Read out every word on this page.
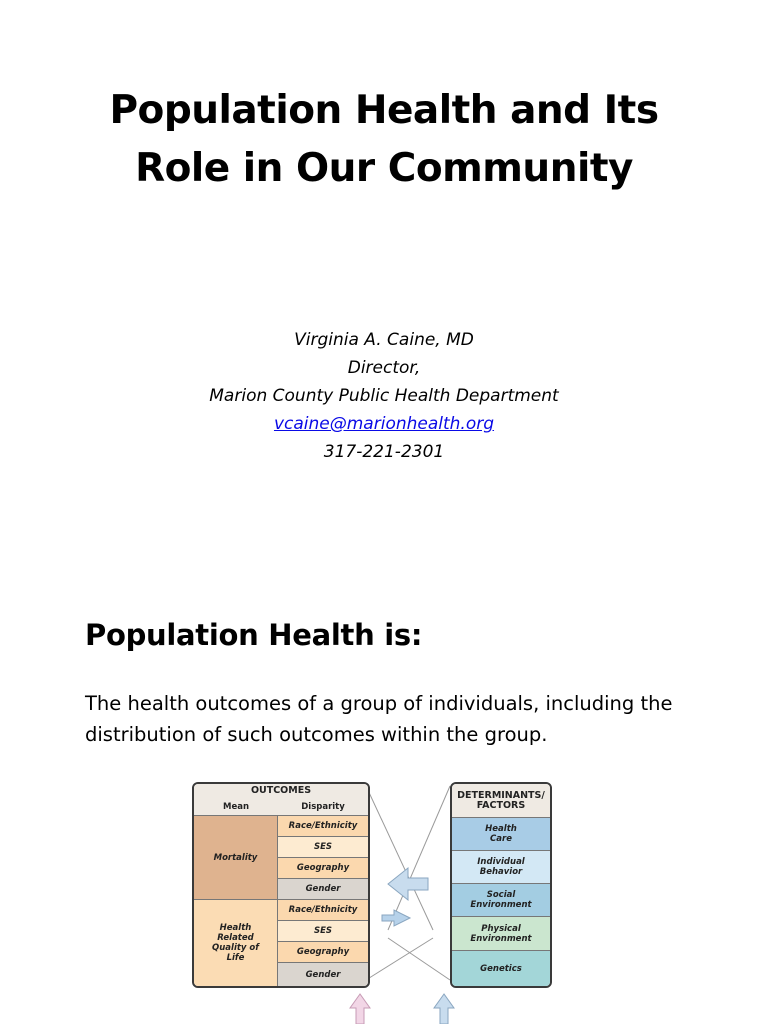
Population Health and Its
Role in Our Community
Virginia A. Caine, MD
Director,
Marion County Public Health Department
vcaine@marionhealth.org
317-221-2301
Population Health is:
The health outcomes of a group of individuals, including the distribution of such outcomes within the group.
OUTCOMES
Mean	Disparity
Mortality
Race/Ethnicity
SES
Geography
Gender
Health Related Quality of Life
Race/Ethnicity
SES
Geography
Gender
DETERMINANTS/ FACTORS
Health Care
Individual Behavior
Social Environment
Physical Environment
Genetics
